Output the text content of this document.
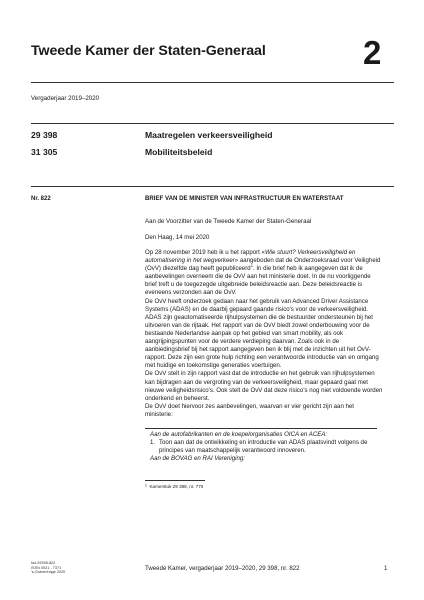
Tweede Kamer der Staten-Generaal	2
Vergaderjaar 2019–2020
29 398	Maatregelen verkeersveiligheid
31 305	Mobiliteitsbeleid
Nr. 822	BRIEF VAN DE MINISTER VAN INFRASTRUCTUUR EN WATERSTAAT
Aan de Voorzitter van de Tweede Kamer der Staten-Generaal
Den Haag, 14 mei 2020

Op 28 november 2019 heb ik u het rapport «Wie stuurt? Verkeersveiligheid en automatisering in het wegverkeer» aangeboden dat de Onderzoeksraad voor Veiligheid (OvV) diezelfde dag heeft gepubliceerd$^1$. In die brief heb ik aangegeven dat ik de aanbevelingen overneem die de OvV aan het ministerie doet. In de nu voorliggende brief treft u de toegezegde uitgebreide beleidsreactie aan. Deze beleidsreactie is eveneens verzonden aan de OvV.

De OvV heeft onderzoek gedaan naar het gebruik van Advanced Driver Assistance Systems (ADAS) en de daarbij gepaard gaande risico's voor de verkeersveiligheid. ADAS zijn geautomatiseerde rijhulpsystemen die de bestuurder ondersteunen bij het uitvoeren van de rijtaak. Het rapport van de OvV biedt zowel onderbouwing voor de bestaande Nederlandse aanpak op het gebied van smart mobility, als ook aangrijpingspunten voor de verdere verdieping daarvan. Zoals ook in de aanbiedingsbrief bij het rapport aangegeven ben ik blij met de inzichten uit het OvV-rapport. Deze zijn een grote hulp richting een verantwoorde introductie van en omgang met huidige en toekomstige generaties voertuigen.

De OvV stelt in zijn rapport vast dat de introductie en het gebruik van rijhulpsystemen kan bijdragen aan de vergroting van de verkeersveiligheid, maar gepaard gaat met nieuwe veiligheidsrisico's. Ook stelt de OvV dat deze risico's nog niet voldoende worden onderkend en beheerst.

De OvV doet hiervoor zes aanbevelingen, waarvan er vier gericht zijn aan het ministerie:

Aan de autofabrikanten en de koepelorganisaties OICA en ACEA:
1. Toon aan dat de ontwikkeling en introductie van ADAS plaatsvindt volgens de principes van maatschappelijk verantwoord innoveren.
Aan de BOVAG en RAI Vereniging:
$^1$ Kamerstuk 29 398, nr. 770
kst-29398-822
ISSN 0921 - 7371
's-Gravenhage 2020
Tweede Kamer, vergaderjaar 2019–2020, 29 398, nr. 822	1
